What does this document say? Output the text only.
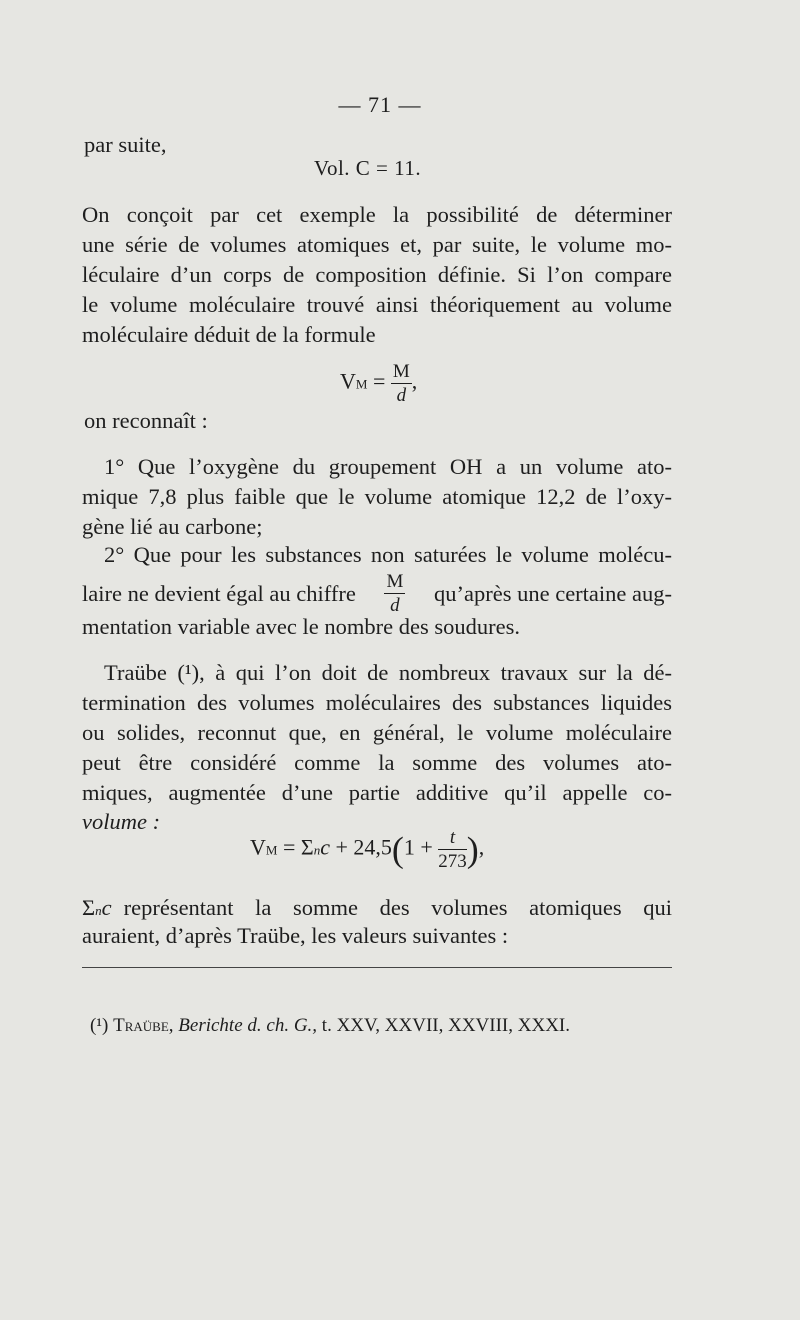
— 71 —
par suite,
Vol. C = 11.
On conçoit par cet exemple la possibilité de déterminer
une série de volumes atomiques et, par suite, le volume mo-
léculaire d’un corps de composition définie. Si l’on compare
le volume moléculaire trouvé ainsi théoriquement au volume
moléculaire déduit de la formule
VM = $\frac{M}{d}$ ,
on reconnaît :
1° Que l’oxygène du groupement OH a un volume ato-
mique 7,8 plus faible que le volume atomique 12,2 de l’oxy-
gène lié au carbone;
2° Que pour les substances non saturées le volume molécu-
laire ne devient égal au chiffre $\frac{M}{d}$ qu’après une certaine aug-
mentation variable avec le nombre des soudures.
Traübe (¹), à qui l’on doit de nombreux travaux sur la dé-
termination des volumes moléculaires des substances liquides
ou solides, reconnut que, en général, le volume moléculaire
peut être considéré comme la somme des volumes ato-
miques, augmentée d’une partie additive qu’il appelle co-
volume :
VM = $\Sigma nc + 24,5(1 + \frac{t}{273}$ ),
Σnc représentant la somme des volumes atomiques qui
auraient, d’après Traübe, les valeurs suivantes :
(¹) Traübe, Berichte d. ch. G., t. XXV, XXVII, XXVIII, XXXI.
